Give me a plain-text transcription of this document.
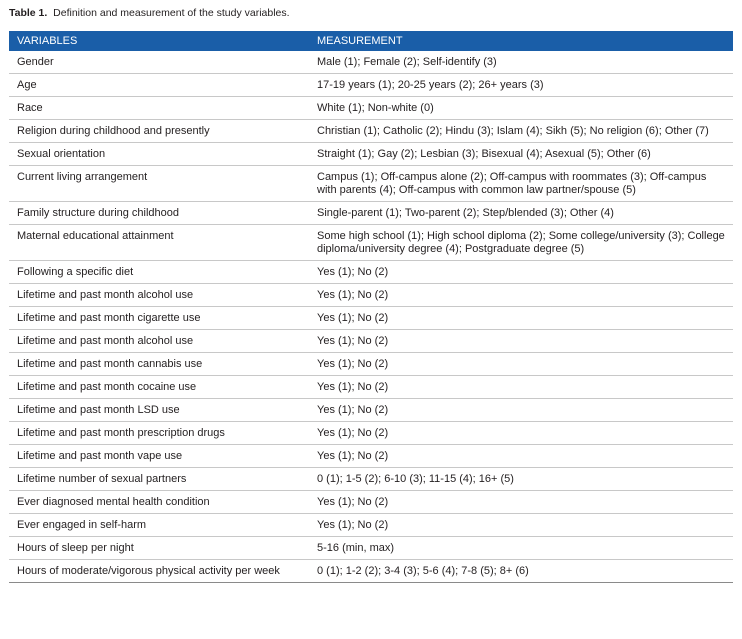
Table 1. Definition and measurement of the study variables.
VARIABLES	MEASUREMENT
Gender	Male (1); Female (2); Self-identify (3)
Age	17-19 years (1); 20-25 years (2); 26+ years (3)
Race	White (1); Non-white (0)
Religion during childhood and presently	Christian (1); Catholic (2); Hindu (3); Islam (4); Sikh (5); No religion (6); Other (7)
Sexual orientation	Straight (1); Gay (2); Lesbian (3); Bisexual (4); Asexual (5); Other (6)
Current living arrangement	Campus (1); Off-campus alone (2); Off-campus with roommates (3); Off-campus with parents (4); Off-campus with common law partner/spouse (5)
Family structure during childhood	Single-parent (1); Two-parent (2); Step/blended (3); Other (4)
Maternal educational attainment	Some high school (1); High school diploma (2); Some college/university (3); College diploma/university degree (4); Postgraduate degree (5)
Following a specific diet	Yes (1); No (2)
Lifetime and past month alcohol use	Yes (1); No (2)
Lifetime and past month cigarette use	Yes (1); No (2)
Lifetime and past month alcohol use	Yes (1); No (2)
Lifetime and past month cannabis use	Yes (1); No (2)
Lifetime and past month cocaine use	Yes (1); No (2)
Lifetime and past month LSD use	Yes (1); No (2)
Lifetime and past month prescription drugs	Yes (1); No (2)
Lifetime and past month vape use	Yes (1); No (2)
Lifetime number of sexual partners	0 (1); 1-5 (2); 6-10 (3); 11-15 (4); 16+ (5)
Ever diagnosed mental health condition	Yes (1); No (2)
Ever engaged in self-harm	Yes (1); No (2)
Hours of sleep per night	5-16 (min, max)
Hours of moderate/vigorous physical activity per week	0 (1); 1-2 (2); 3-4 (3); 5-6 (4); 7-8 (5); 8+ (6)
